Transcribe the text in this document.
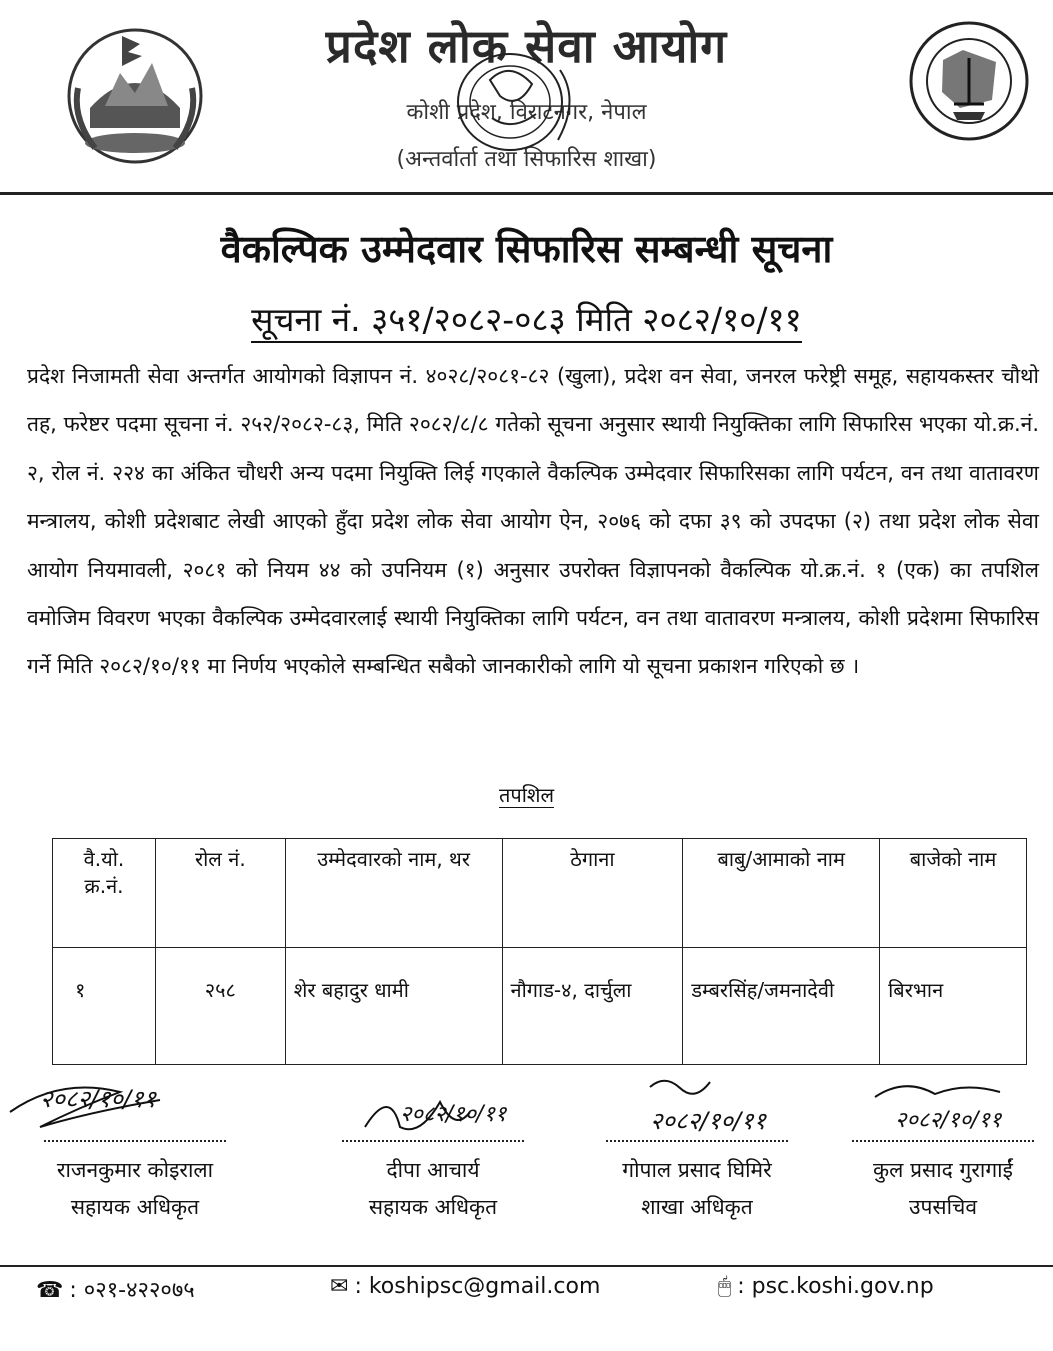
प्रदेश लोक सेवा आयोग
कोशी प्रदेश, विराटनगर, नेपाल
(अन्तर्वार्ता तथा सिफारिस शाखा)
वैकल्पिक उम्मेदवार सिफारिस सम्बन्धी सूचना
सूचना नं. ३५१/२०८२-०८३ मिति २०८२/१०/११

प्रदेश निजामती सेवा अन्तर्गत आयोगको विज्ञापन नं. ४०२८/२०८१-८२ (खुला), प्रदेश वन सेवा, जनरल फरेष्ट्री समूह, सहायकस्तर चौथो तह, फरेष्टर पदमा सूचना नं. २५२/२०८२-८३, मिति २०८२/८/८ गतेको सूचना अनुसार स्थायी नियुक्तिका लागि सिफारिस भएका यो.क्र.नं. २, रोल नं. २२४ का अंकित चौधरी अन्य पदमा नियुक्ति लिई गएकाले वैकल्पिक उम्मेदवार सिफारिसका लागि पर्यटन, वन तथा वातावरण मन्त्रालय, कोशी प्रदेशबाट लेखी आएको हुँदा प्रदेश लोक सेवा आयोग ऐन, २०७६ को दफा ३९ को उपदफा (२) तथा प्रदेश लोक सेवा आयोग नियमावली, २०८१ को नियम ४४ को उपनियम (१) अनुसार उपरोक्त विज्ञापनको वैकल्पिक यो.क्र.नं. १ (एक) का तपशिल वमोजिम विवरण भएका वैकल्पिक उम्मेदवारलाई स्थायी नियुक्तिका लागि पर्यटन, वन तथा वातावरण मन्त्रालय, कोशी प्रदेशमा सिफारिस गर्ने मिति २०८२/१०/११ मा निर्णय भएकोले सम्बन्धित सबैको जानकारीको लागि यो सूचना प्रकाशन गरिएको छ ।

तपशिल
वै.यो. क्र.नं.	रोल नं.	उम्मेदवारको नाम, थर	ठेगाना	बाबु/आमाको नाम	बाजेको नाम
१	२५८	शेर बहादुर धामी	नौगाड-४, दार्चुला	डम्बरसिंह/जमनादेवी	बिरभान
२०८२/१०/११
२०८२/१०/११	२०८२/१०/११	२०८२/१०/११
राजनकुमार कोइराला
सहायक अधिकृत
दीपा आचार्य
सहायक अधिकृत
गोपाल प्रसाद घिमिरे
शाखा अधिकृत
कुल प्रसाद गुरागाईं
उपसचिव
☎ : ०२१-४२२०७५	✉ : koshipsc@gmail.com	🖱 : psc.koshi.gov.np
